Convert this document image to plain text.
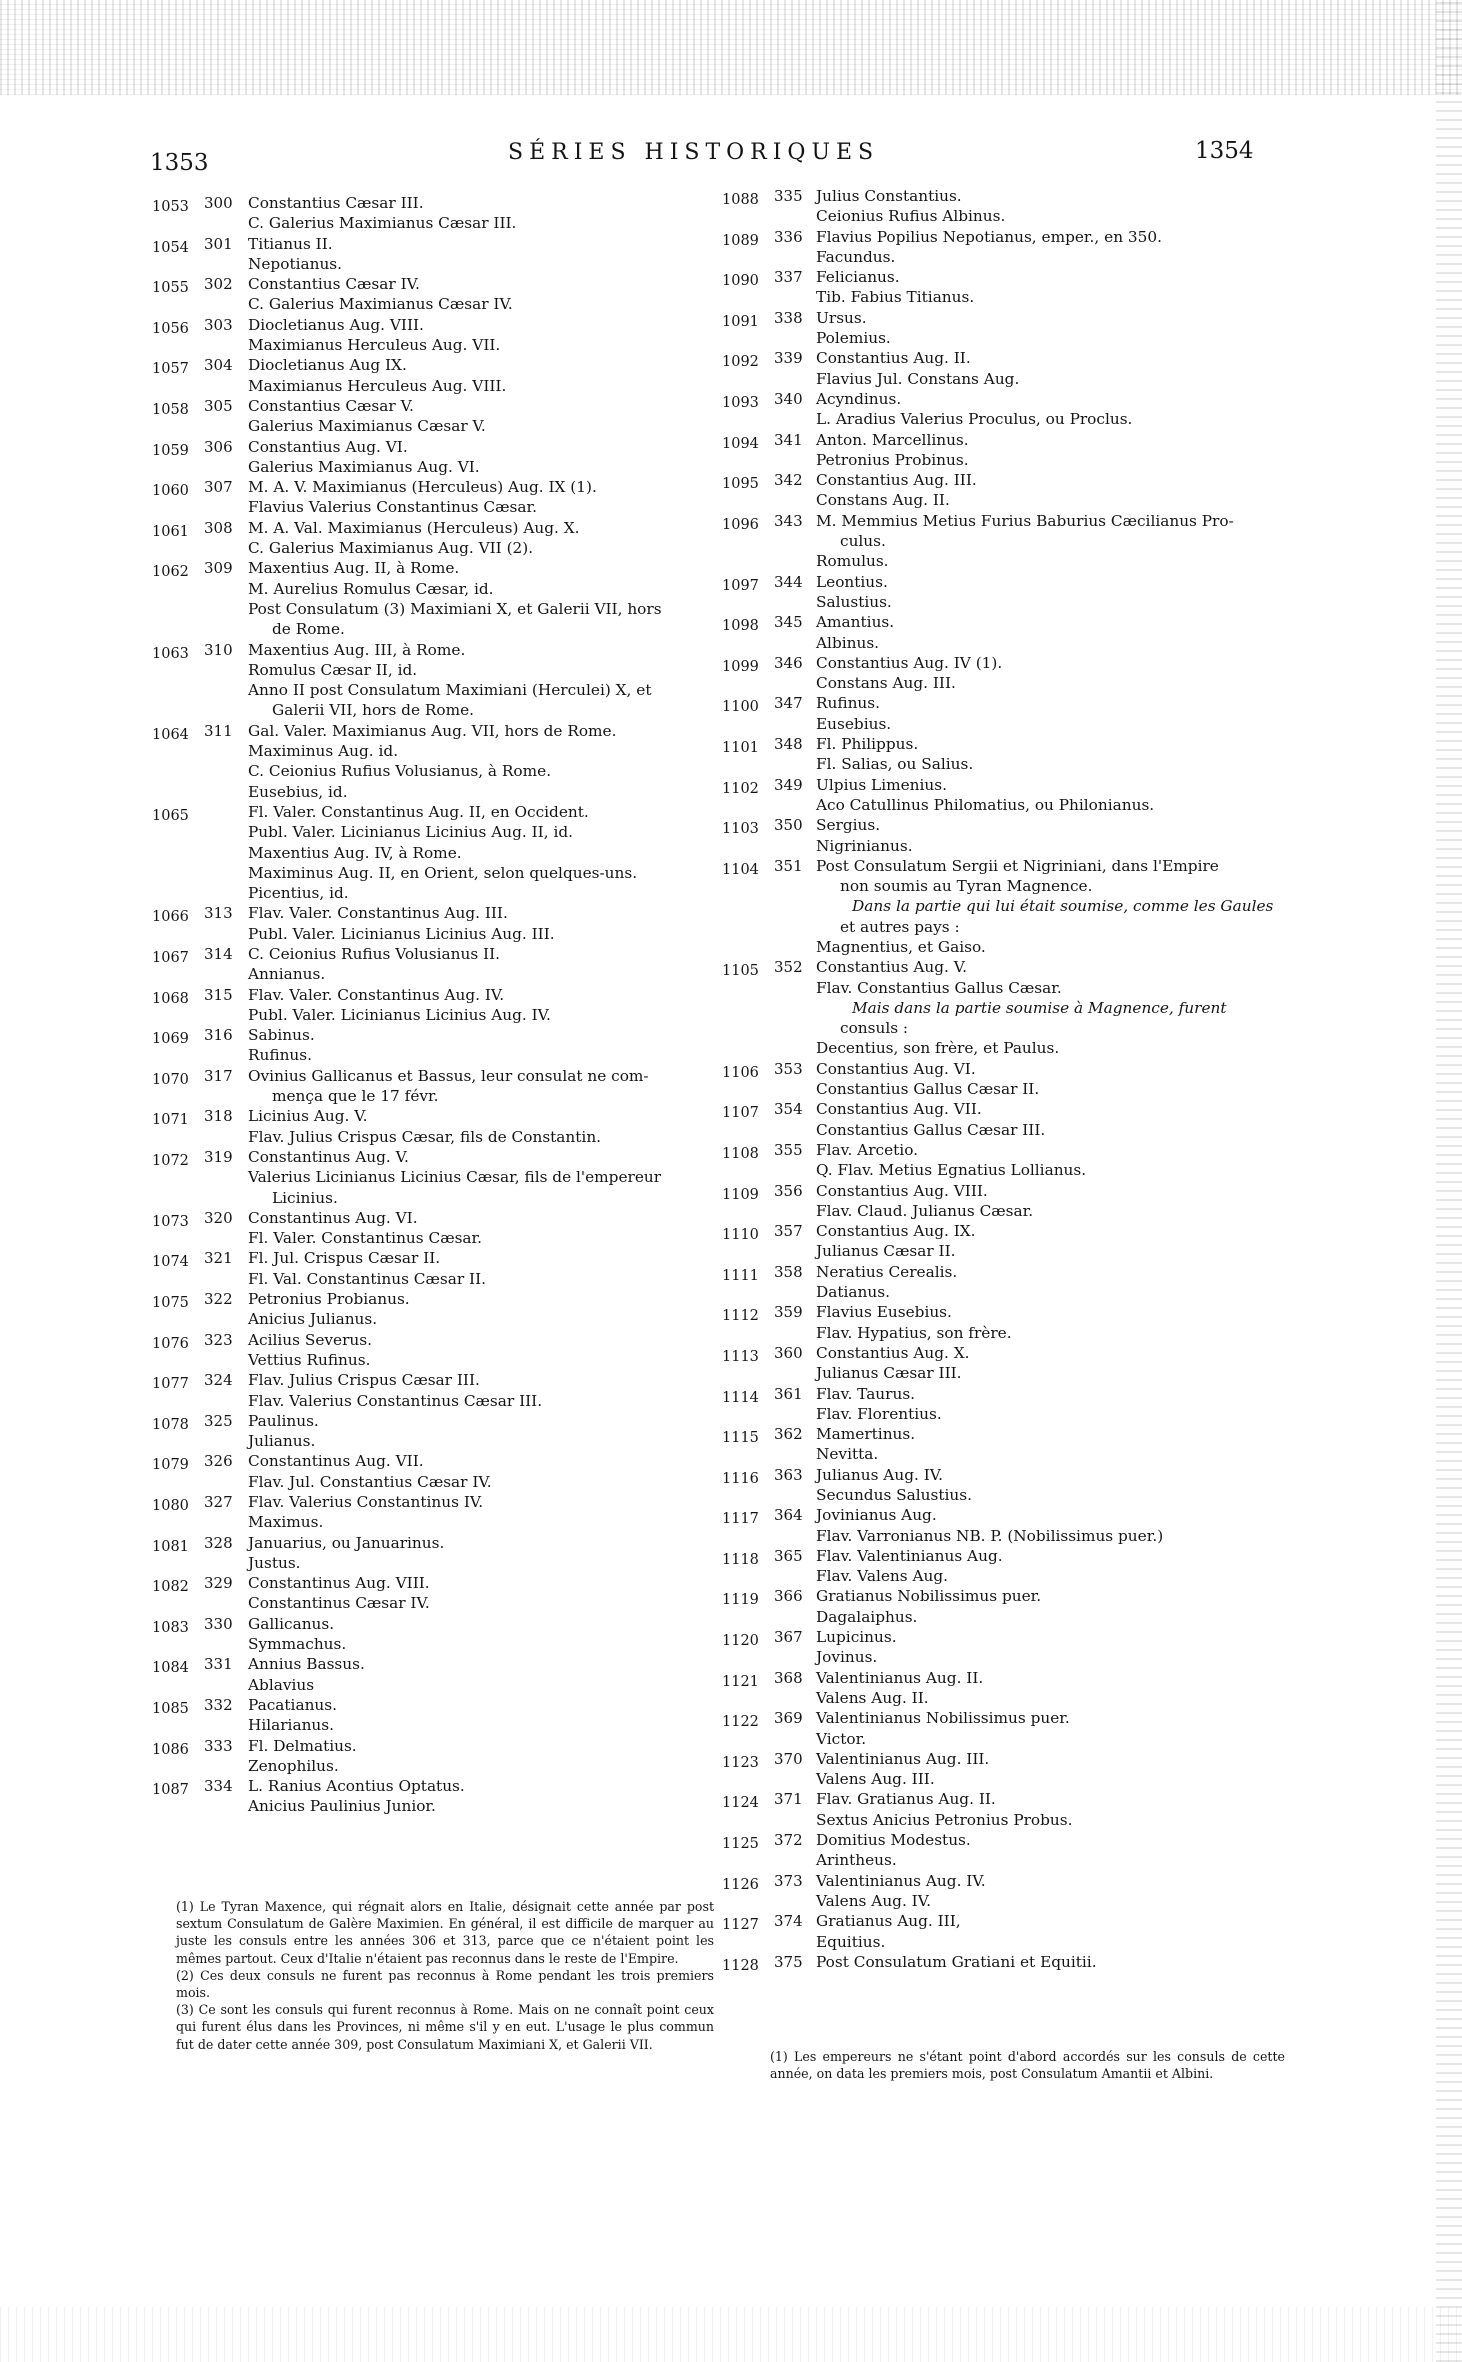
1353	SÉRIES HISTORIQUES	1354
1053 300 Constantius Cæsar III.
C. Galerius Maximianus Cæsar III.
1054 301 Titianus II.
Nepotianus.
1055 302 Constantius Cæsar IV.
C. Galerius Maximianus Cæsar IV.
1056 303 Diocletianus Aug. VIII.
Maximianus Herculeus Aug. VII.
1057 304 Diocletianus Aug IX.
Maximianus Herculeus Aug. VIII.
1058 305 Constantius Cæsar V.
Galerius Maximianus Cæsar V.
1059 306 Constantius Aug. VI.
Galerius Maximianus Aug. VI.
1060 307 M. A. V. Maximianus (Herculeus) Aug. IX (1).
Flavius Valerius Constantinus Cæsar.
1061 308 M. A. Val. Maximianus (Herculeus) Aug. X.
C. Galerius Maximianus Aug. VII (2).
1062 309 Maxentius Aug. II, à Rome.
M. Aurelius Romulus Cæsar, id.
Post Consulatum (3) Maximiani X, et Galerii VII, hors
de Rome.
1063 310 Maxentius Aug. III, à Rome.
Romulus Cæsar II, id.
Anno II post Consulatum Maximiani (Herculei) X, et
Galerii VII, hors de Rome.
1064 311 Gal. Valer. Maximianus Aug. VII, hors de Rome.
Maximinus Aug. id.
C. Ceionius Rufius Volusianus, à Rome.
Eusebius, id.
1065	Fl. Valer. Constantinus Aug. II, en Occident.
Publ. Valer. Licinianus Licinius Aug. II, id.
Maxentius Aug. IV, à Rome.
Maximinus Aug. II, en Orient, selon quelques-uns.
Picentius, id.
1066 313 Flav. Valer. Constantinus Aug. III.
Publ. Valer. Licinianus Licinius Aug. III.
1067 314 C. Ceionius Rufius Volusianus II.
Annianus.
1068 315 Flav. Valer. Constantinus Aug. IV.
Publ. Valer. Licinianus Licinius Aug. IV.
1069 316 Sabinus.
Rufinus.
1070 317 Ovinius Gallicanus et Bassus, leur consulat ne com-
mença que le 17 févr.
1071 318 Licinius Aug. V.
Flav. Julius Crispus Cæsar, fils de Constantin.
1072 319 Constantinus Aug. V.
Valerius Licinianus Licinius Cæsar, fils de l'empereur
Licinius.
1073 320 Constantinus Aug. VI.
Fl. Valer. Constantinus Cæsar.
1074 321 Fl. Jul. Crispus Cæsar II.
Fl. Val. Constantinus Cæsar II.
1075 322 Petronius Probianus.
Anicius Julianus.
1076 323 Acilius Severus.
Vettius Rufinus.
1077 324 Flav. Julius Crispus Cæsar III.
Flav. Valerius Constantinus Cæsar III.
1078 325 Paulinus.
Julianus.
1079 326 Constantinus Aug. VII.
Flav. Jul. Constantius Cæsar IV.
1080 327 Flav. Valerius Constantinus IV.
Maximus.
1081 328 Januarius, ou Januarinus.
Justus.
1082 329 Constantinus Aug. VIII.
Constantinus Cæsar IV.
1083 330 Gallicanus.
Symmachus.
1084 331 Annius Bassus.
Ablavius
1085 332 Pacatianus.
Hilarianus.
1086 333 Fl. Delmatius.
Zenophilus.
1087 334 L. Ranius Acontius Optatus.
Anicius Paulinius Junior.
1088 335 Julius Constantius.
Ceionius Rufius Albinus.
1089 336 Flavius Popilius Nepotianus, emper., en 350.
Facundus.
1090 337 Felicianus.
Tib. Fabius Titianus.
1091 338 Ursus.
Polemius.
1092 339 Constantius Aug. II.
Flavius Jul. Constans Aug.
1093 340 Acyndinus.
L. Aradius Valerius Proculus, ou Proclus.
1094 341 Anton. Marcellinus.
Petronius Probinus.
1095 342 Constantius Aug. III.
Constans Aug. II.
1096 343 M. Memmius Metius Furius Baburius Cæcilianus Pro-
culus.
Romulus.
1097 344 Leontius.
Salustius.
1098 345 Amantius.
Albinus.
1099 346 Constantius Aug. IV (1).
Constans Aug. III.
1100 347 Rufinus.
Eusebius.
1101 348 Fl. Philippus.
Fl. Salias, ou Salius.
1102 349 Ulpius Limenius.
Aco Catullinus Philomatius, ou Philonianus.
1103 350 Sergius.
Nigrinianus.
1104 351 Post Consulatum Sergii et Nigriniani, dans l'Empire
non soumis au Tyran Magnence.
Dans la partie qui lui était soumise, comme les Gaules
et autres pays :
Magnentius, et Gaiso.
1105 352 Constantius Aug. V.
Flav. Constantius Gallus Cæsar.
Mais dans la partie soumise à Magnence, furent
consuls :
Decentius, son frère, et Paulus.
1106 353 Constantius Aug. VI.
Constantius Gallus Cæsar II.
1107 354 Constantius Aug. VII.
Constantius Gallus Cæsar III.
1108 355 Flav. Arcetio.
Q. Flav. Metius Egnatius Lollianus.
1109 356 Constantius Aug. VIII.
Flav. Claud. Julianus Cæsar.
1110 357 Constantius Aug. IX.
Julianus Cæsar II.
1111 358 Neratius Cerealis.
Datianus.
1112 359 Flavius Eusebius.
Flav. Hypatius, son frère.
1113 360 Constantius Aug. X.
Julianus Cæsar III.
1114 361 Flav. Taurus.
Flav. Florentius.
1115 362 Mamertinus.
Nevitta.
1116 363 Julianus Aug. IV.
Secundus Salustius.
1117 364 Jovinianus Aug.
Flav. Varronianus NB. P. (Nobilissimus puer.)
1118 365 Flav. Valentinianus Aug.
Flav. Valens Aug.
1119 366 Gratianus Nobilissimus puer.
Dagalaiphus.
1120 367 Lupicinus.
Jovinus.
1121 368 Valentinianus Aug. II.
Valens Aug. II.
1122 369 Valentinianus Nobilissimus puer.
Victor.
1123 370 Valentinianus Aug. III.
Valens Aug. III.
1124 371 Flav. Gratianus Aug. II.
Sextus Anicius Petronius Probus.
1125 372 Domitius Modestus.
Arintheus.
1126 373 Valentinianus Aug. IV.
Valens Aug. IV.
1127 374 Gratianus Aug. III,
Equitius.
1128 375 Post Consulatum Gratiani et Equitii.

(1) Le Tyran Maxence, qui régnait alors en Italie, désignait cette année par post sextum Consulatum de Galère Maximien. En général, il est difficile de marquer au juste les consuls entre les années 306 et 313, parce que ce n'étaient point les mêmes partout. Ceux d'Italie n'étaient pas reconnus dans le reste de l'Empire.

(2) Ces deux consuls ne furent pas reconnus à Rome pendant les trois premiers mois.

(3) Ce sont les consuls qui furent reconnus à Rome. Mais on ne connaît point ceux qui furent élus dans les Provinces, ni même s'il y en eut. L'usage le plus commun fut de dater cette année 309, post Consulatum Maximiani X, et Galerii VII.

(1) Les empereurs ne s'étant point d'abord accordés sur les consuls de cette année, on data les premiers mois, post Consulatum Amantii et Albini.
